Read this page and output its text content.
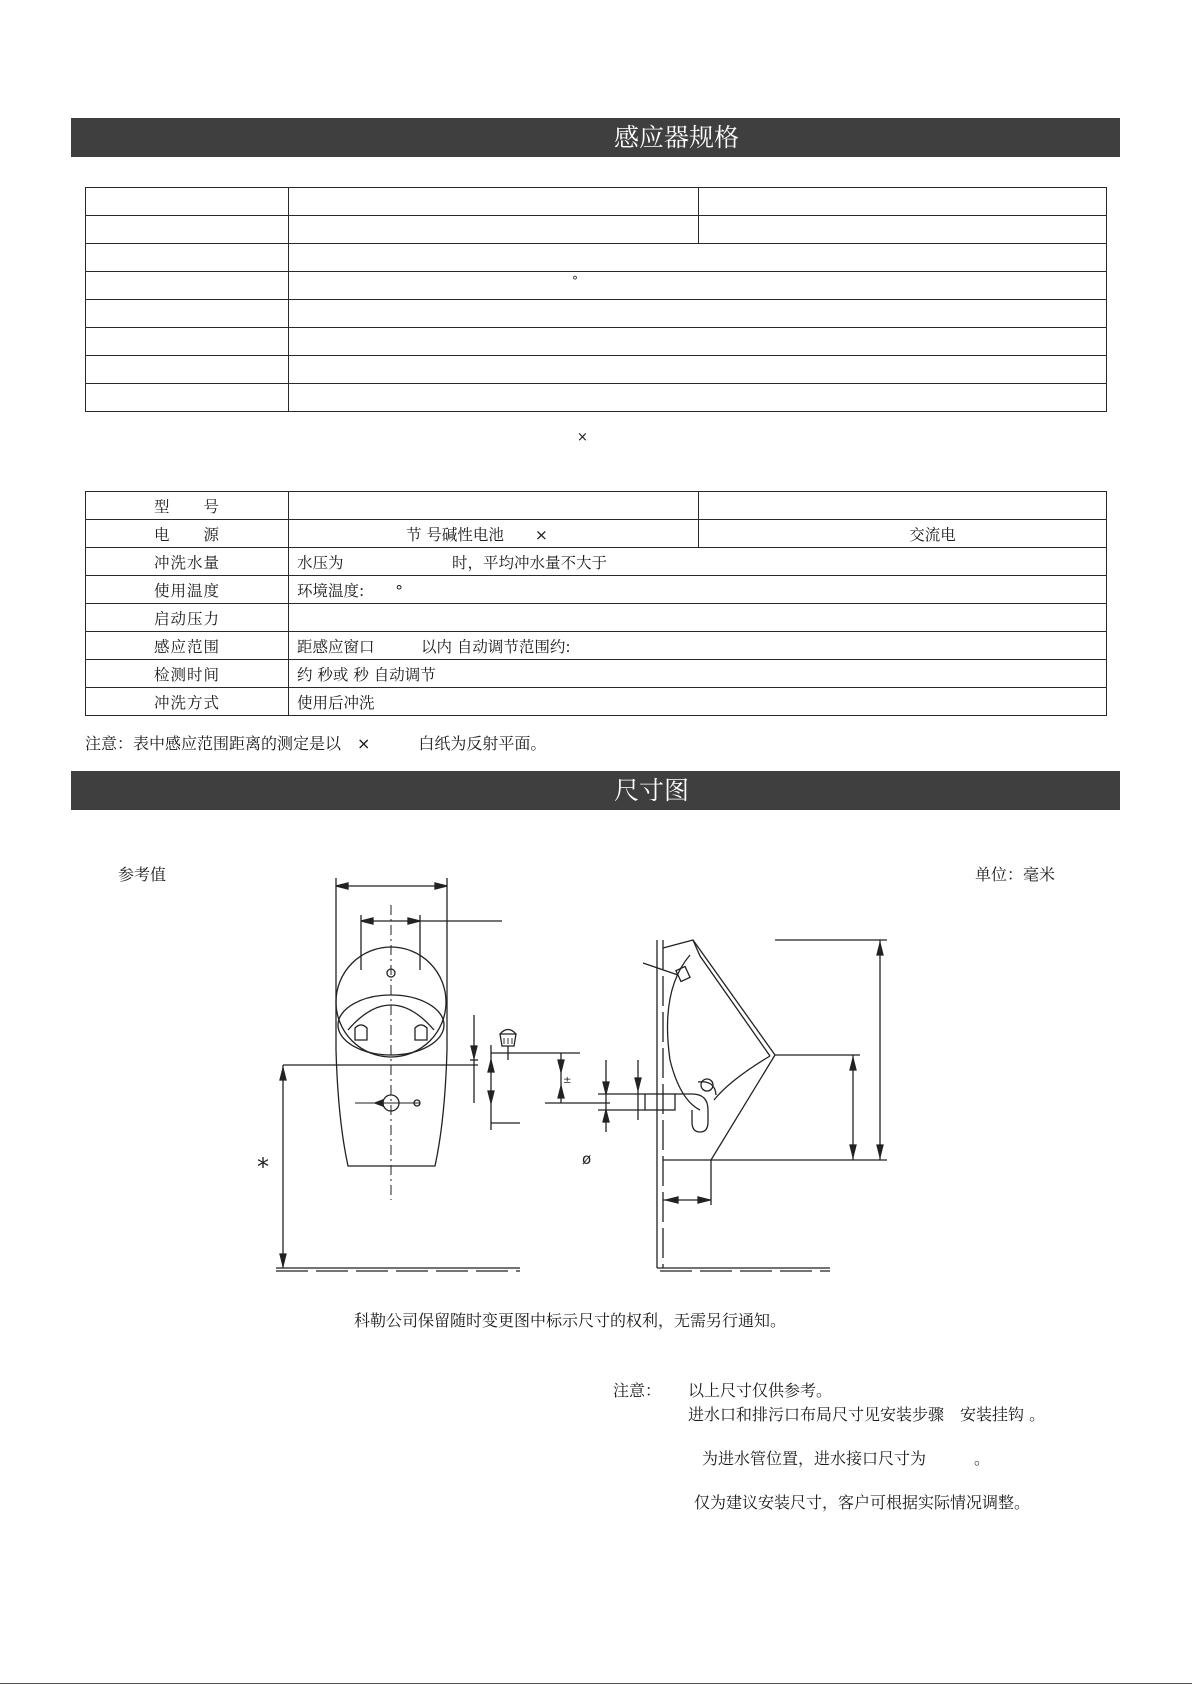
感应器规格

	°	

×
型　　号		
电　　源	节 号碱性电池　　×	交流电
冲洗水量	水压为　　　　　　　时，平均冲水量不大于	
使用温度	环境温度:　　°	
启动压力		
感应范围	距感应窗口　　　以内 自动调节范围约:	
检测时间	约 秒或 秒 自动调节	
冲洗方式	使用后冲洗	
注意：表中感应范围距离的测定是以　×　　　白纸为反射平面。
尺寸图
参考值	单位：毫米
*	ø
±
科勒公司保留随时变更图中标示尺寸的权利，无需另行通知。
注意： 以上尺寸仅供参考。
进水口和排污口布局尺寸见安装步骤　安装挂钩 。
为进水管位置，进水接口尺寸为　　　。
仅为建议安装尺寸，客户可根据实际情况调整。
